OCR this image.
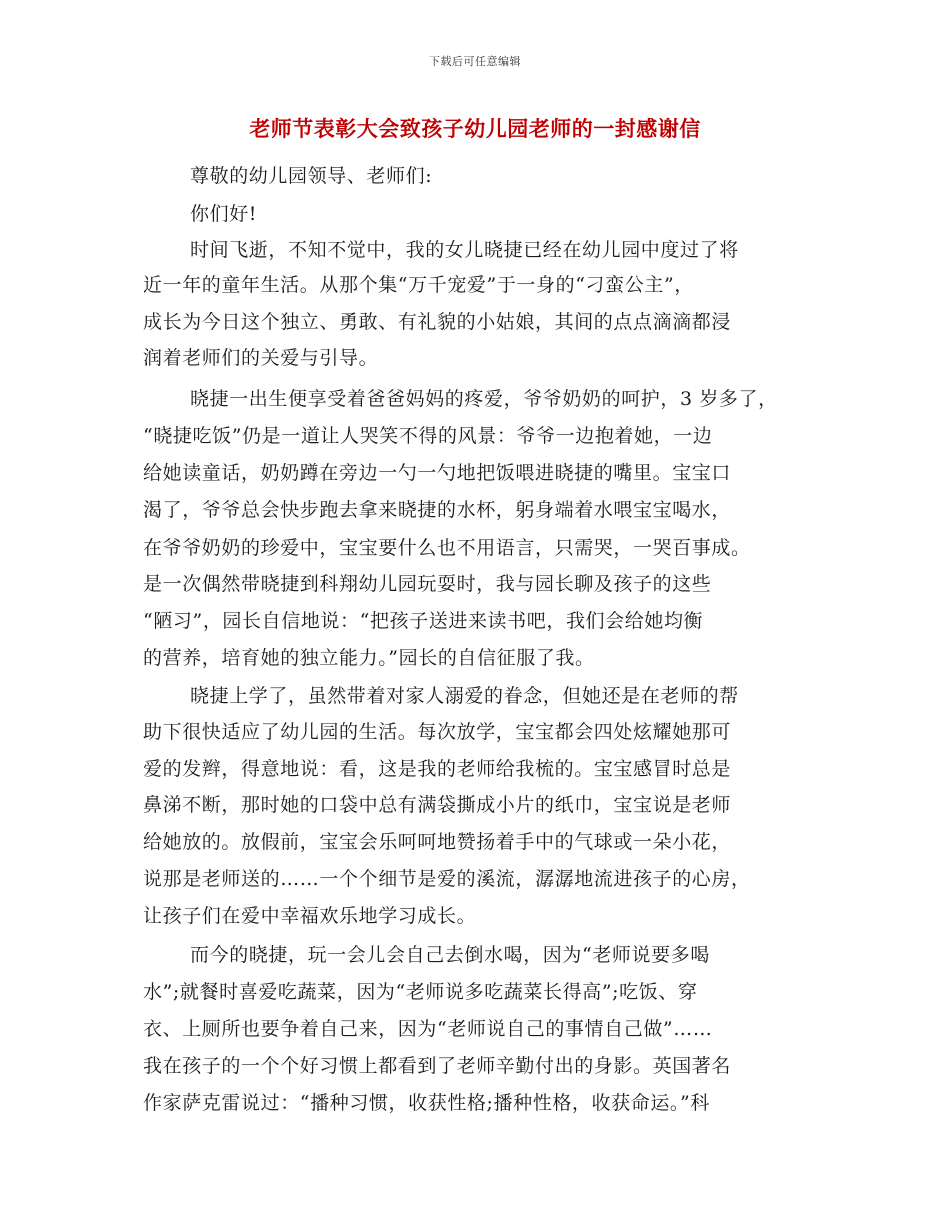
下载后可任意编辑
老师节表彰大会致孩子幼儿园老师的一封感谢信
尊敬的幼儿园领导、老师们:
你们好!
时间飞逝，不知不觉中，我的女儿晓捷已经在幼儿园中度过了将
近一年的童年生活。从那个集“万千宠爱”于一身的“刁蛮公主”，
成长为今日这个独立、勇敢、有礼貌的小姑娘，其间的点点滴滴都浸
润着老师们的关爱与引导。
晓捷一出生便享受着爸爸妈妈的疼爱，爷爷奶奶的呵护，3 岁多了，
“晓捷吃饭”仍是一道让人哭笑不得的风景：爷爷一边抱着她，一边
给她读童话，奶奶蹲在旁边一勺一勺地把饭喂进晓捷的嘴里。宝宝口
渴了，爷爷总会快步跑去拿来晓捷的水杯，躬身端着水喂宝宝喝水，
在爷爷奶奶的珍爱中，宝宝要什么也不用语言，只需哭，一哭百事成。
是一次偶然带晓捷到科翔幼儿园玩耍时，我与园长聊及孩子的这些
“陋习”，园长自信地说：“把孩子送进来读书吧，我们会给她均衡
的营养，培育她的独立能力。”园长的自信征服了我。
晓捷上学了，虽然带着对家人溺爱的眷念，但她还是在老师的帮
助下很快适应了幼儿园的生活。每次放学，宝宝都会四处炫耀她那可
爱的发辫，得意地说：看，这是我的老师给我梳的。宝宝感冒时总是
鼻涕不断，那时她的口袋中总有满袋撕成小片的纸巾，宝宝说是老师
给她放的。放假前，宝宝会乐呵呵地赞扬着手中的气球或一朵小花，
说那是老师送的……一个个细节是爱的溪流，潺潺地流进孩子的心房，
让孩子们在爱中幸福欢乐地学习成长。
而今的晓捷，玩一会儿会自己去倒水喝，因为“老师说要多喝
水”;就餐时喜爱吃蔬菜，因为“老师说多吃蔬菜长得高”;吃饭、穿
衣、上厕所也要争着自己来，因为“老师说自己的事情自己做”……
我在孩子的一个个好习惯上都看到了老师辛勤付出的身影。英国著名
作家萨克雷说过：“播种习惯，收获性格;播种性格，收获命运。”科
